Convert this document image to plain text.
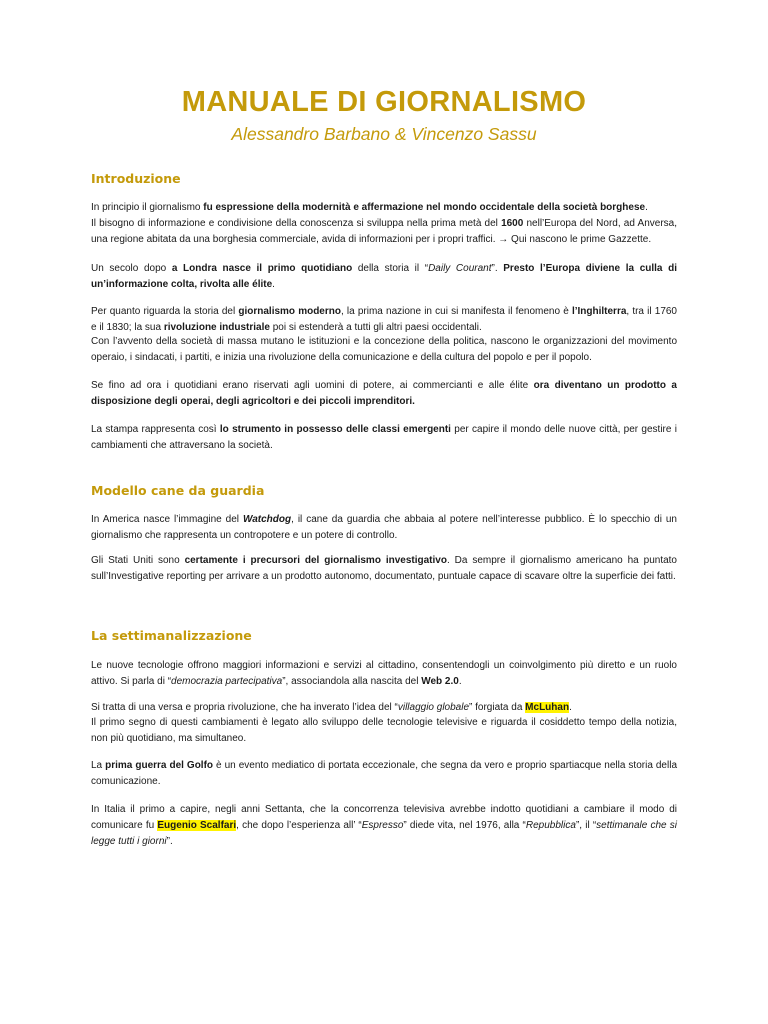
MANUALE DI GIORNALISMO
Alessandro Barbano & Vincenzo Sassu
Introduzione

In principio il giornalismo fu espressione della modernità e affermazione nel mondo occidentale della società borghese.

Il bisogno di informazione e condivisione della conoscenza si sviluppa nella prima metà del 1600 nell’Europa del Nord, ad Anversa, una regione abitata da una borghesia commerciale, avida di informazioni per i propri traffici. → Qui nascono le prime Gazzette.

Un secolo dopo a Londra nasce il primo quotidiano della storia il “Daily Courant”. Presto l’Europa diviene la culla di un’informazione colta, rivolta alle élite.

Per quanto riguarda la storia del giornalismo moderno, la prima nazione in cui si manifesta il fenomeno è l’Inghilterra, tra il 1760 e il 1830; la sua rivoluzione industriale poi si estenderà a tutti gli altri paesi occidentali.

Con l’avvento della società di massa mutano le istituzioni e la concezione della politica, nascono le organizzazioni del movimento operaio, i sindacati, i partiti, e inizia una rivoluzione della comunicazione e della cultura del popolo e per il popolo.

Se fino ad ora i quotidiani erano riservati agli uomini di potere, ai commercianti e alle élite ora diventano un prodotto a disposizione degli operai, degli agricoltori e dei piccoli imprenditori.

La stampa rappresenta così lo strumento in possesso delle classi emergenti per capire il mondo delle nuove città, per gestire i cambiamenti che attraversano la società.

Modello cane da guardia

In America nasce l’immagine del Watchdog, il cane da guardia che abbaia al potere nell’interesse pubblico. È lo specchio di un giornalismo che rappresenta un contropotere e un potere di controllo.

Gli Stati Uniti sono certamente i precursori del giornalismo investigativo. Da sempre il giornalismo americano ha puntato sull’Investigative reporting per arrivare a un prodotto autonomo, documentato, puntuale capace di scavare oltre la superficie dei fatti.

La settimanalizzazione

Le nuove tecnologie offrono maggiori informazioni e servizi al cittadino, consentendogli un coinvolgimento più diretto e un ruolo attivo. Si parla di “democrazia partecipativa”, associandola alla nascita del Web 2.0.

Si tratta di una versa e propria rivoluzione, che ha inverato l’idea del “villaggio globale” forgiata da McLuhan.

Il primo segno di questi cambiamenti è legato allo sviluppo delle tecnologie televisive e riguarda il cosiddetto tempo della notizia, non più quotidiano, ma simultaneo.

La prima guerra del Golfo è un evento mediatico di portata eccezionale, che segna da vero e proprio spartiacque nella storia della comunicazione.

In Italia il primo a capire, negli anni Settanta, che la concorrenza televisiva avrebbe indotto quotidiani a cambiare il modo di comunicare fu Eugenio Scalfari, che dopo l’esperienza all’ “Espresso” diede vita, nel 1976, alla “Repubblica”, il “settimanale che si legge tutti i giorni”.
